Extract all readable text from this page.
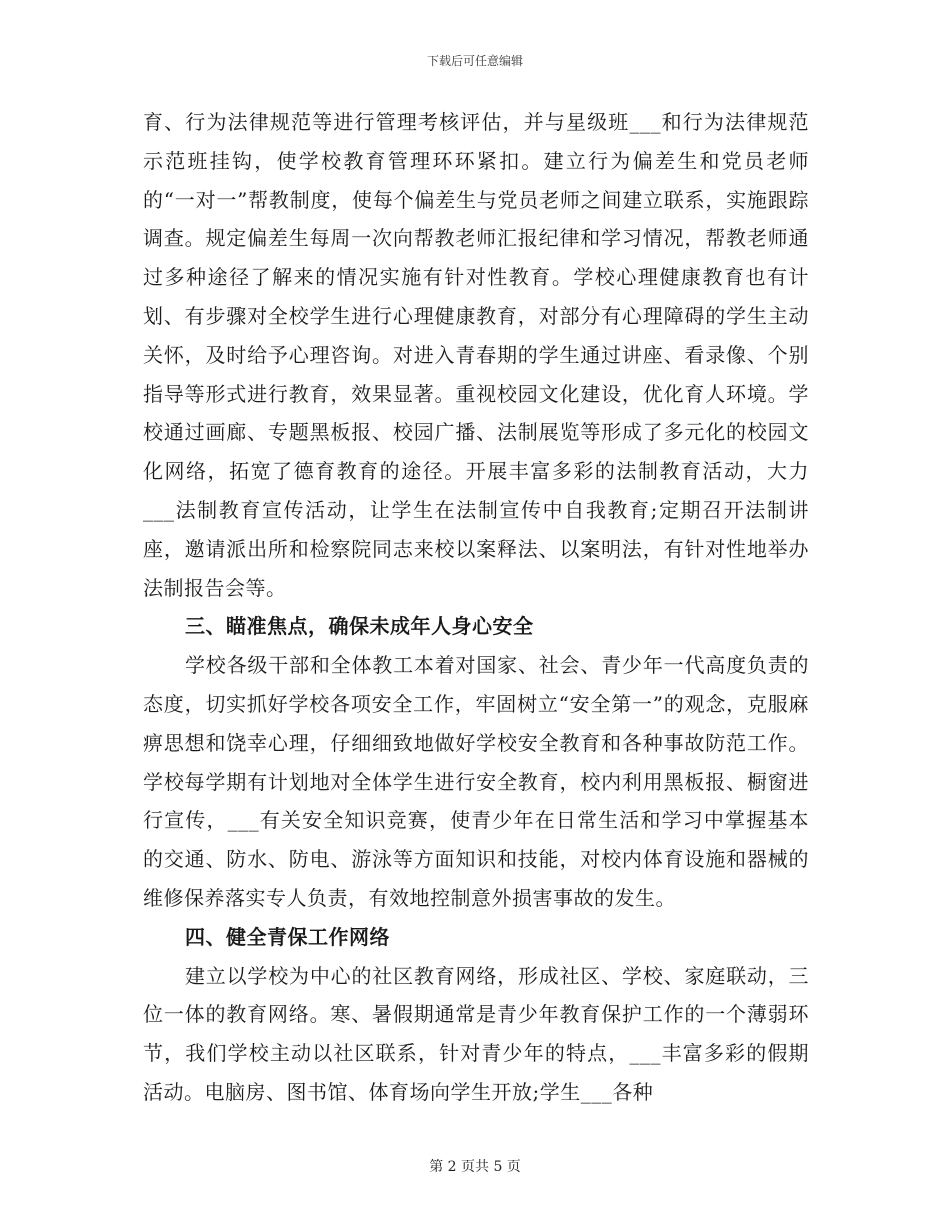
下载后可任意编辑

育、行为法律规范等进行管理考核评估，并与星级班___和行为法律规范示范班挂钩，使学校教育管理环环紧扣。建立行为偏差生和党员老师的“一对一”帮教制度，使每个偏差生与党员老师之间建立联系，实施跟踪调查。规定偏差生每周一次向帮教老师汇报纪律和学习情况，帮教老师通过多种途径了解来的情况实施有针对性教育。学校心理健康教育也有计划、有步骤对全校学生进行心理健康教育，对部分有心理障碍的学生主动关怀，及时给予心理咨询。对进入青春期的学生通过讲座、看录像、个别指导等形式进行教育，效果显著。重视校园文化建设，优化育人环境。学校通过画廊、专题黑板报、校园广播、法制展览等形成了多元化的校园文化网络，拓宽了德育教育的途径。开展丰富多彩的法制教育活动，大力___法制教育宣传活动，让学生在法制宣传中自我教育;定期召开法制讲座，邀请派出所和检察院同志来校以案释法、以案明法，有针对性地举办法制报告会等。

三、瞄准焦点，确保未成年人身心安全

学校各级干部和全体教工本着对国家、社会、青少年一代高度负责的态度，切实抓好学校各项安全工作，牢固树立“安全第一”的观念，克服麻痹思想和饶幸心理，仔细细致地做好学校安全教育和各种事故防范工作。学校每学期有计划地对全体学生进行安全教育，校内利用黑板报、橱窗进行宣传，___有关安全知识竞赛，使青少年在日常生活和学习中掌握基本的交通、防水、防电、游泳等方面知识和技能，对校内体育设施和器械的维修保养落实专人负责，有效地控制意外损害事故的发生。

四、健全青保工作网络

建立以学校为中心的社区教育网络，形成社区、学校、家庭联动，三位一体的教育网络。寒、暑假期通常是青少年教育保护工作的一个薄弱环节，我们学校主动以社区联系，针对青少年的特点，___丰富多彩的假期活动。电脑房、图书馆、体育场向学生开放;学生___各种

第 2 页共 5 页
